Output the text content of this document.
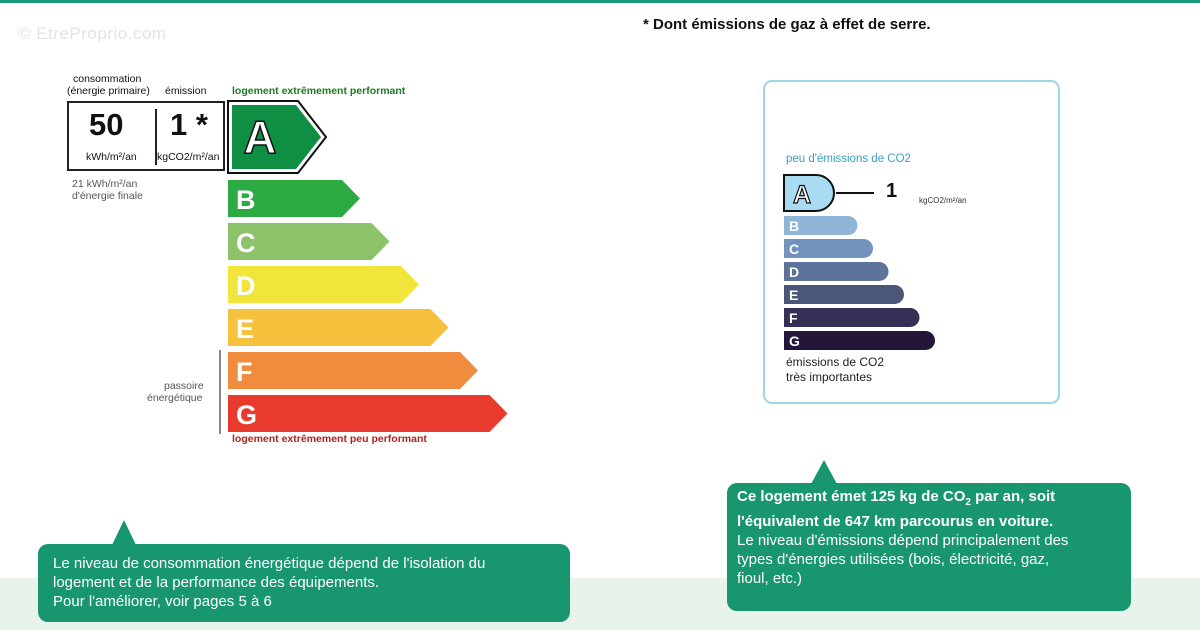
© EtreProprio.com	* Dont émissions de gaz à effet de serre.
consommation
(énergie primaire) émission logement extrêmement performant
50
kWh/m²/an
1 *
kgCO2/m²/an
21 kWh/m²/an
d'énergie finale
passoire
énergétique
logement extrêmement peu performant
A
B
C
D
E
F
G
peu d'émissions de CO2
A
B
C
D
E
F
G
1	kgCO2/m²/an
émissions de CO2
très importantes
Le niveau de consommation énergétique dépend de l'isolation du
logement et de la performance des équipements.
Pour l'améliorer, voir pages 5 à 6
Ce logement émet 125 kg de $CO_2$ par an, soit
l'équivalent de 647 km parcourus en voiture.
Le niveau d'émissions dépend principalement des
types d'énergies utilisées (bois, électricité, gaz,
fioul, etc.)
